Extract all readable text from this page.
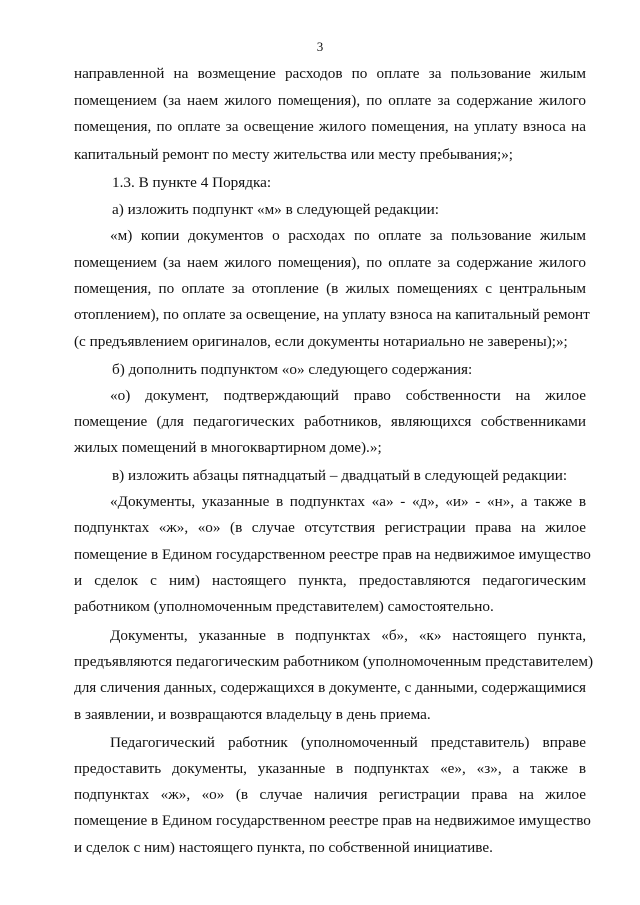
3
направленной на возмещение расходов по оплате за пользование жилым
помещением (за наем жилого помещения), по оплате за содержание жилого
помещения, по оплате за освещение жилого помещения, на уплату взноса на
капитальный ремонт по месту жительства или месту пребывания;»;
1.3. В пункте 4 Порядка:
а) изложить подпункт «м» в следующей редакции:
«м) копии документов о расходах по оплате за пользование жилым
помещением (за наем жилого помещения), по оплате за содержание жилого
помещения, по оплате за отопление (в жилых помещениях с центральным
отоплением), по оплате за освещение, на уплату взноса на капитальный ремонт
(с предъявлением оригиналов, если документы нотариально не заверены);»;
б) дополнить подпунктом «о» следующего содержания:
«о) документ, подтверждающий право собственности на жилое
помещение (для педагогических работников, являющихся собственниками
жилых помещений в многоквартирном доме).»;
в) изложить абзацы пятнадцатый – двадцатый в следующей редакции:
«Документы, указанные в подпунктах «а» - «д», «и» - «н», а также в
подпунктах «ж», «о» (в случае отсутствия регистрации права на жилое
помещение в Едином государственном реестре прав на недвижимое имущество
и сделок с ним) настоящего пункта, предоставляются педагогическим
работником (уполномоченным представителем) самостоятельно.
Документы, указанные в подпунктах «б», «к» настоящего пункта,
предъявляются педагогическим работником (уполномоченным представителем)
для сличения данных, содержащихся в документе, с данными, содержащимися
в заявлении, и возвращаются владельцу в день приема.
Педагогический работник (уполномоченный представитель) вправе
предоставить документы, указанные в подпунктах «е», «з», а также в
подпунктах «ж», «о» (в случае наличия регистрации права на жилое
помещение в Едином государственном реестре прав на недвижимое имущество
и сделок с ним) настоящего пункта, по собственной инициативе.
